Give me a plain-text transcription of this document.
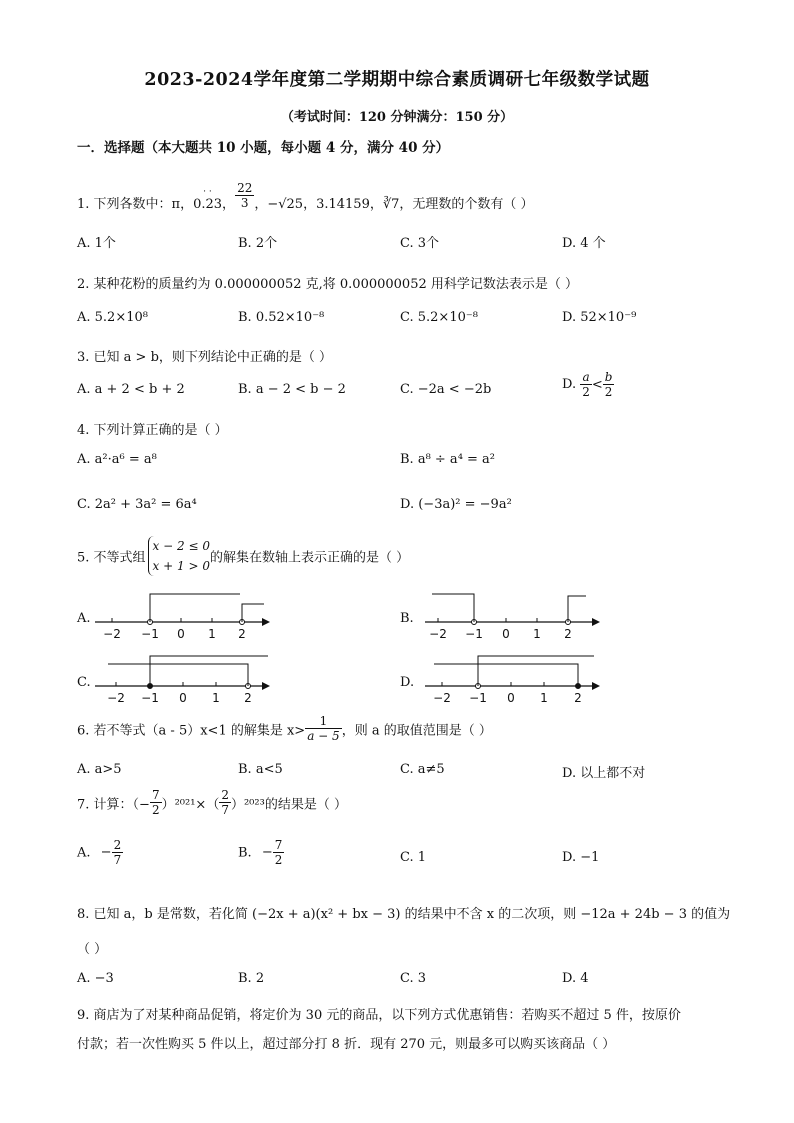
2023-2024学年度第二学期期中综合素质调研七年级数学试题
（考试时间：120 分钟满分：150 分）
一．选择题（本大题共 10 小题，每小题 4 分，满分 40 分）
1. 下列各数中：π，0.23
· ·
， $\frac{22}{3}$ ，−√25，3.14159，∛7，无理数的个数有（ ）
A. 1个	B. 2个	C. 3个	D. 4 个
2. 某种花粉的质量约为 0.000000052 克,将 0.000000052 用科学记数法表示是（ ）
A. 5.2×10⁸	B. 0.52×10⁻⁸	C. 5.2×10⁻⁸	D. 52×10⁻⁹
3. 已知 a > b，则下列结论中正确的是（ ）
A. a + 2 < b + 2	B. a − 2 < b − 2	C. −2a < −2b	D. $\frac{a}{2} < \frac{b}{2}$
4. 下列计算正确的是（ ）
A. a²·a⁶ = a⁸	B. a⁸ ÷ a⁴ = a²
C. 2a² + 3a² = 6a⁴	D. (−3a)² = −9a²
5. 不等式组
x − 2 ≤ 0
x + 1 > 0
的解集在数轴上表示正确的是（ ）
A.	B.
C.	D.
−2 −1 0 1 2	−2 −1 0 1 2
−2 −1 0 1 2	−2 −1 0 1 2
6. 若不等式（a - 5）x<1 的解集是 $x> \frac{1}{a - 5}$ ，则 a 的取值范围是（ ）
A. a>5	B. a<5	C. a≠5	D. 以上都不对
7. 计算：（− $\frac{7}{2} )^{2021}\times( \frac{2}{7} )^{2023}$的结果是（ ）
A. − $\frac{2}{7}$	B. − $\frac{7}{2}$	C. 1	D. −1
8. 已知 a，b 是常数，若化简 (−2x + a)(x² + bx − 3) 的结果中不含 x 的二次项，则 −12a + 24b − 3 的值为
（ ）
A. −3	B. 2	C. 3	D. 4
9. 商店为了对某种商品促销，将定价为 30 元的商品，以下列方式优惠销售：若购买不超过 5 件，按原价
付款；若一次性购买 5 件以上，超过部分打 8 折．现有 270 元，则最多可以购买该商品（ ）
